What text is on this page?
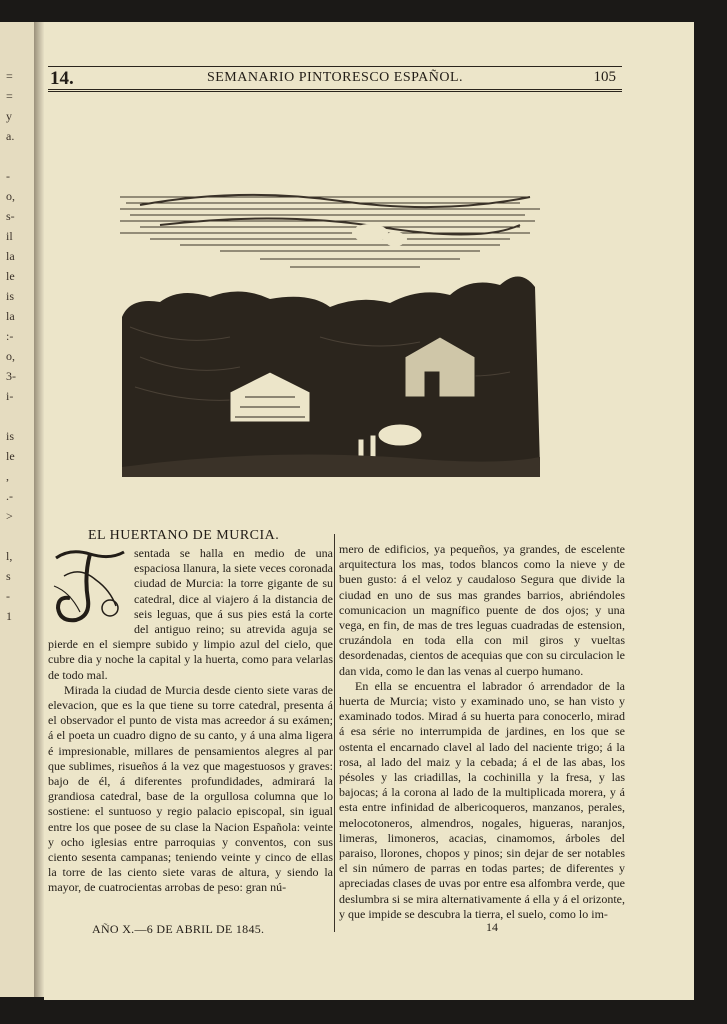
=
=
y
a.

-
o,
s-
il
la
le
is
la
:-
o,
3-
i-

is
le
,
.-
>

l,
s
-
1
14.	SEMANARIO PINTORESCO ESPAÑOL.	105
EL HUERTANO DE MURCIA.

sentada se halla en medio de una espaciosa llanura, la siete veces coronada ciudad de Murcia: la torre gigante de su catedral, dice al viajero á la distancia de seis leguas, que á sus pies está la corte del antiguo reino; su atrevida aguja se pierde en el siempre subido y limpio azul del cielo, que cubre dia y noche la capital y la huerta, como para velarlas de todo mal.

Mirada la ciudad de Murcia desde ciento siete varas de elevacion, que es la que tiene su torre catedral, presenta á el observador el punto de vista mas acreedor á su exámen; á el poeta un cuadro digno de su canto, y á una alma ligera é impresionable, millares de pensamientos alegres al par que sublimes, risueños á la vez que magestuosos y graves: bajo de él, á diferentes profundidades, admirará la grandiosa catedral, base de la orgullosa columna que lo sostiene: el suntuoso y regio palacio episcopal, sin igual entre los que posee de su clase la Nacion Española: veinte y ocho iglesias entre parroquias y conventos, con sus ciento sesenta campanas; teniendo veinte y cinco de ellas la torre de las ciento siete varas de altura, y siendo la mayor, de cuatrocientas arrobas de peso: gran nú-

mero de edificios, ya pequeños, ya grandes, de escelente arquitectura los mas, todos blancos como la nieve y de buen gusto: á el veloz y caudaloso Segura que divide la ciudad en uno de sus mas grandes barrios, abriéndoles comunicacion un magnífico puente de dos ojos; y una vega, en fin, de mas de tres leguas cuadradas de estension, cruzándola en toda ella con mil giros y vueltas desordenadas, cientos de acequias que con su circulacion le dan vida, como le dan las venas al cuerpo humano.

En ella se encuentra el labrador ó arrendador de la huerta de Murcia; visto y examinado uno, se han visto y examinado todos. Mirad á su huerta para conocerlo, mirad á esa série no interrumpida de jardines, en los que se ostenta el encarnado clavel al lado del naciente trigo; á la rosa, al lado del maiz y la cebada; á el de las abas, los pésoles y las criadillas, la cochinilla y la fresa, y las bajocas; á la corona al lado de la multiplicada morera, y á esta entre infinidad de albericoqueros, manzanos, perales, melocotoneros, almendros, nogales, higueras, naranjos, limeras, limoneros, acacias, cinamomos, árboles del paraiso, llorones, chopos y pinos; sin dejar de ser notables el sin número de parras en todas partes; de diferentes y apreciadas clases de uvas por entre esa alfombra verde, que deslumbra si se mira alternativamente á ella y á el orizonte, y que impide se descubra la tierra, el suelo, como lo im-

AÑO X.—6 DE ABRIL DE 1845.	14
